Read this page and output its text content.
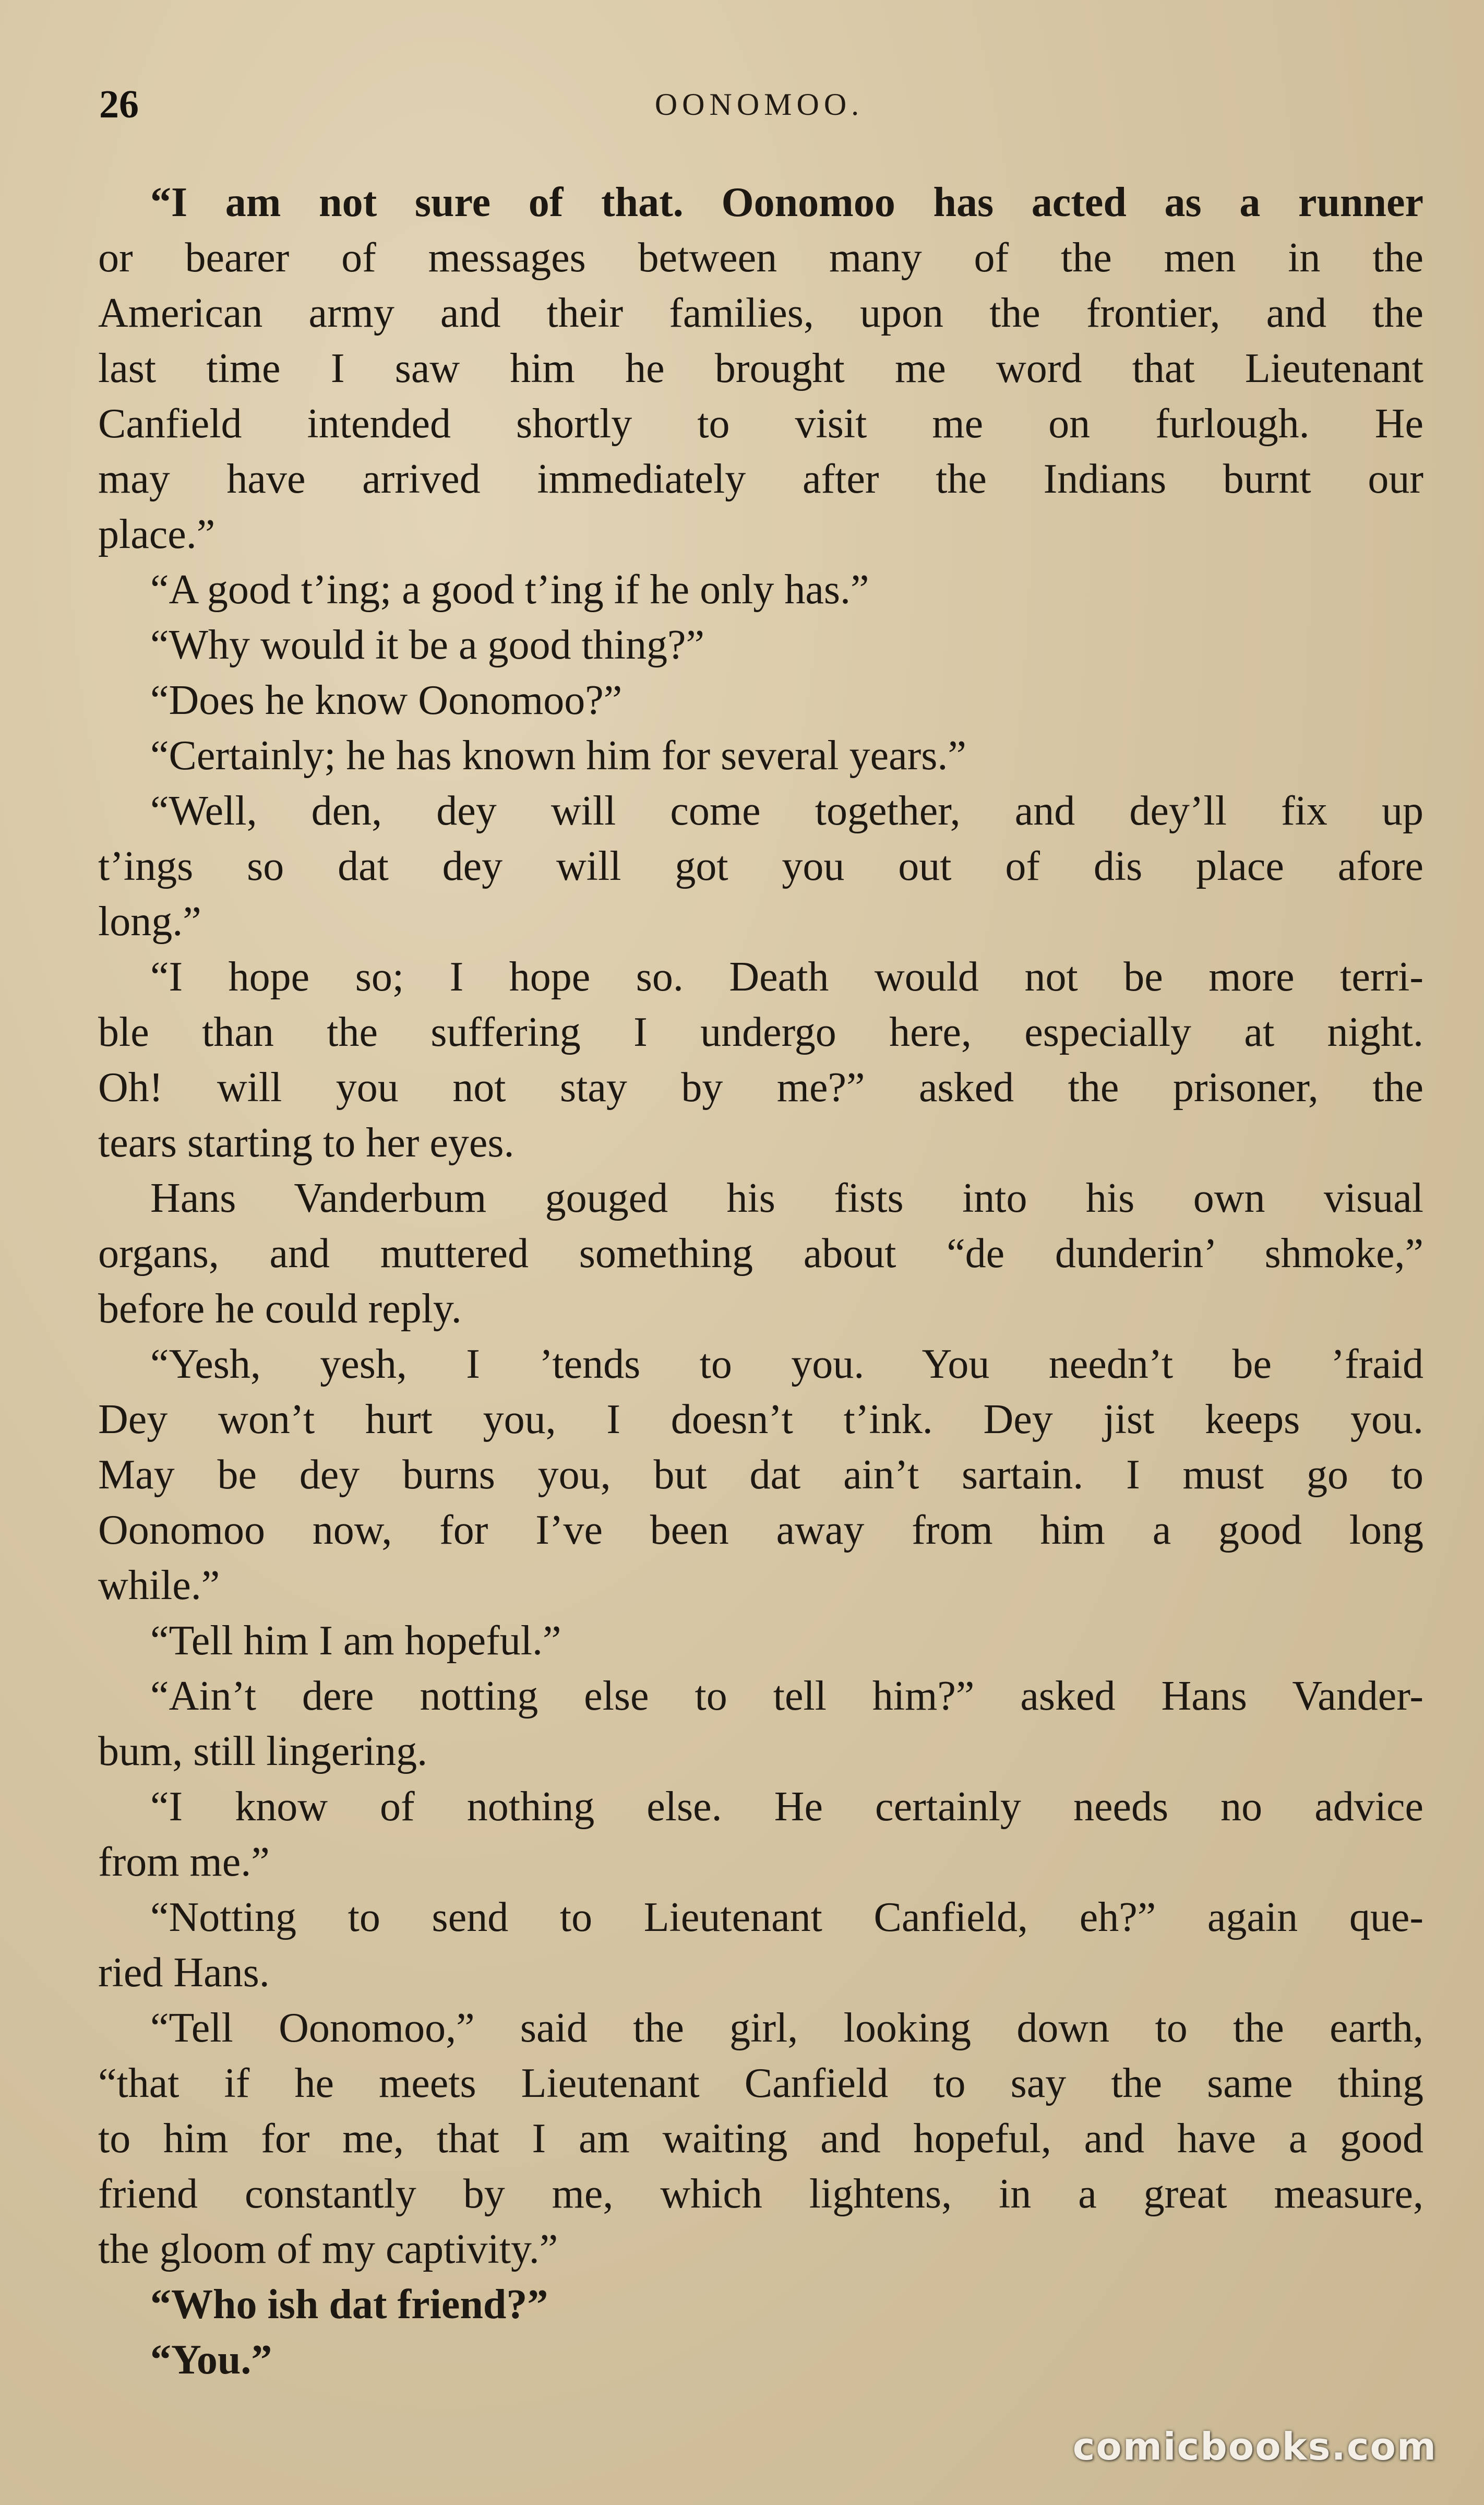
26	OONOMOO.
“I am not sure of that. Oonomoo has acted as a runner
or bearer of messages between many of the men in the
American army and their families, upon the frontier, and the
last time I saw him he brought me word that Lieutenant
Canfield intended shortly to visit me on furlough. He
may have arrived immediately after the Indians burnt our
place.”
“A good t’ing; a good t’ing if he only has.”
“Why would it be a good thing?”
“Does he know Oonomoo?”
“Certainly; he has known him for several years.”
“Well, den, dey will come together, and dey’ll fix up
t’ings so dat dey will got you out of dis place afore
long.”
“I hope so; I hope so. Death would not be more terri-
ble than the suffering I undergo here, especially at night.
Oh! will you not stay by me?” asked the prisoner, the
tears starting to her eyes.
Hans Vanderbum gouged his fists into his own visual
organs, and muttered something about “de dunderin’ shmoke,”
before he could reply.
“Yesh, yesh, I ’tends to you. You needn’t be ’fraid
Dey won’t hurt you, I doesn’t t’ink. Dey jist keeps you.
May be dey burns you, but dat ain’t sartain. I must go to
Oonomoo now, for I’ve been away from him a good long
while.”
“Tell him I am hopeful.”
“Ain’t dere notting else to tell him?” asked Hans Vander-
bum, still lingering.
“I know of nothing else. He certainly needs no advice
from me.”
“Notting to send to Lieutenant Canfield, eh?” again que-
ried Hans.
“Tell Oonomoo,” said the girl, looking down to the earth,
“that if he meets Lieutenant Canfield to say the same thing
to him for me, that I am waiting and hopeful, and have a good
friend constantly by me, which lightens, in a great measure,
the gloom of my captivity.”
“Who ish dat friend?”
“You.”
comicbooks.com
